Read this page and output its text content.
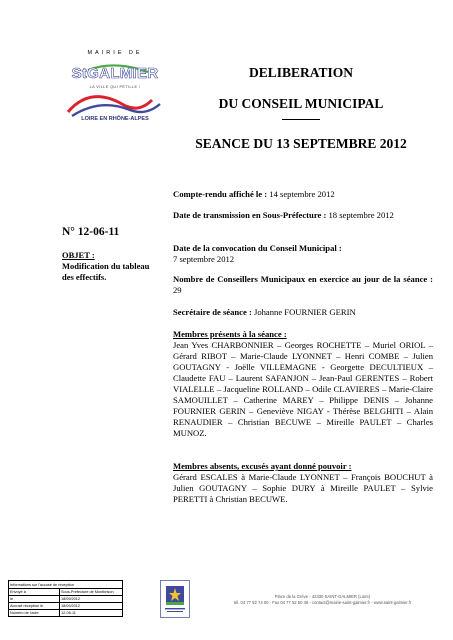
MAIRIE DE
StGALMIER
LA VILLE QUI PÉTILLE !
LOIRE EN RHÔNE-ALPES
DELIBERATION
DU CONSEIL MUNICIPAL
SEANCE DU 13 SEPTEMBRE 2012
N° 12-06-11
OBJET :
Modification du tableau des effectifs.
Compte-rendu affiché le : 14 septembre 2012
Date de transmission en Sous-Préfecture : 18 septembre 2012
Date de la convocation du Conseil Municipal :
7 septembre 2012
Nombre de Conseillers Municipaux en exercice au jour de la séance : 29
Secrétaire de séance : Johanne FOURNIER GERIN
Membres présents à la séance :
Jean Yves CHARBONNIER – Georges ROCHETTE – Muriel ORIOL – Gérard RIBOT – Marie-Claude LYONNET – Henri COMBE – Julien GOUTAGNY - Joëlle VILLEMAGNE - Georgette DECULTIEUX – Claudette FAU – Laurent SAFANJON – Jean-Paul GERENTES – Robert VIALELLE – Jacqueline ROLLAND – Odile CLAVIERES – Marie-Claire SAMOUILLET – Catherine MAREY – Philippe DENIS – Johanne FOURNIER GERIN – Geneviève NIGAY - Thérèse BELGHITI – Alain RENAUDIER – Christian BECUWE – Mireille PAULET – Charles MUNOZ.
Membres absents, excusés ayant donné pouvoir :
Gérard ESCALES à Marie-Claude LYONNET – François BOUCHUT à Julien GOUTAGNY – Sophie DURY à Mireille PAULET – Sylvie PERETTI à Christian BECUWE.
Informations sur l'accusé de réception	
Envoyé à	Sous-Préfecture de Montbrison
le	18/09/2012
Accusé réception le	18/09/2012
Numéro de l'acte	12-06-11
Place de la Grève - 42330 SAINT-GALMIER (Loire)
tél. 04 77 52 74 00 - Fax 04 77 52 50 46 - contact@mairie-saint-galmier.fr - www.saint-galmier.fr
